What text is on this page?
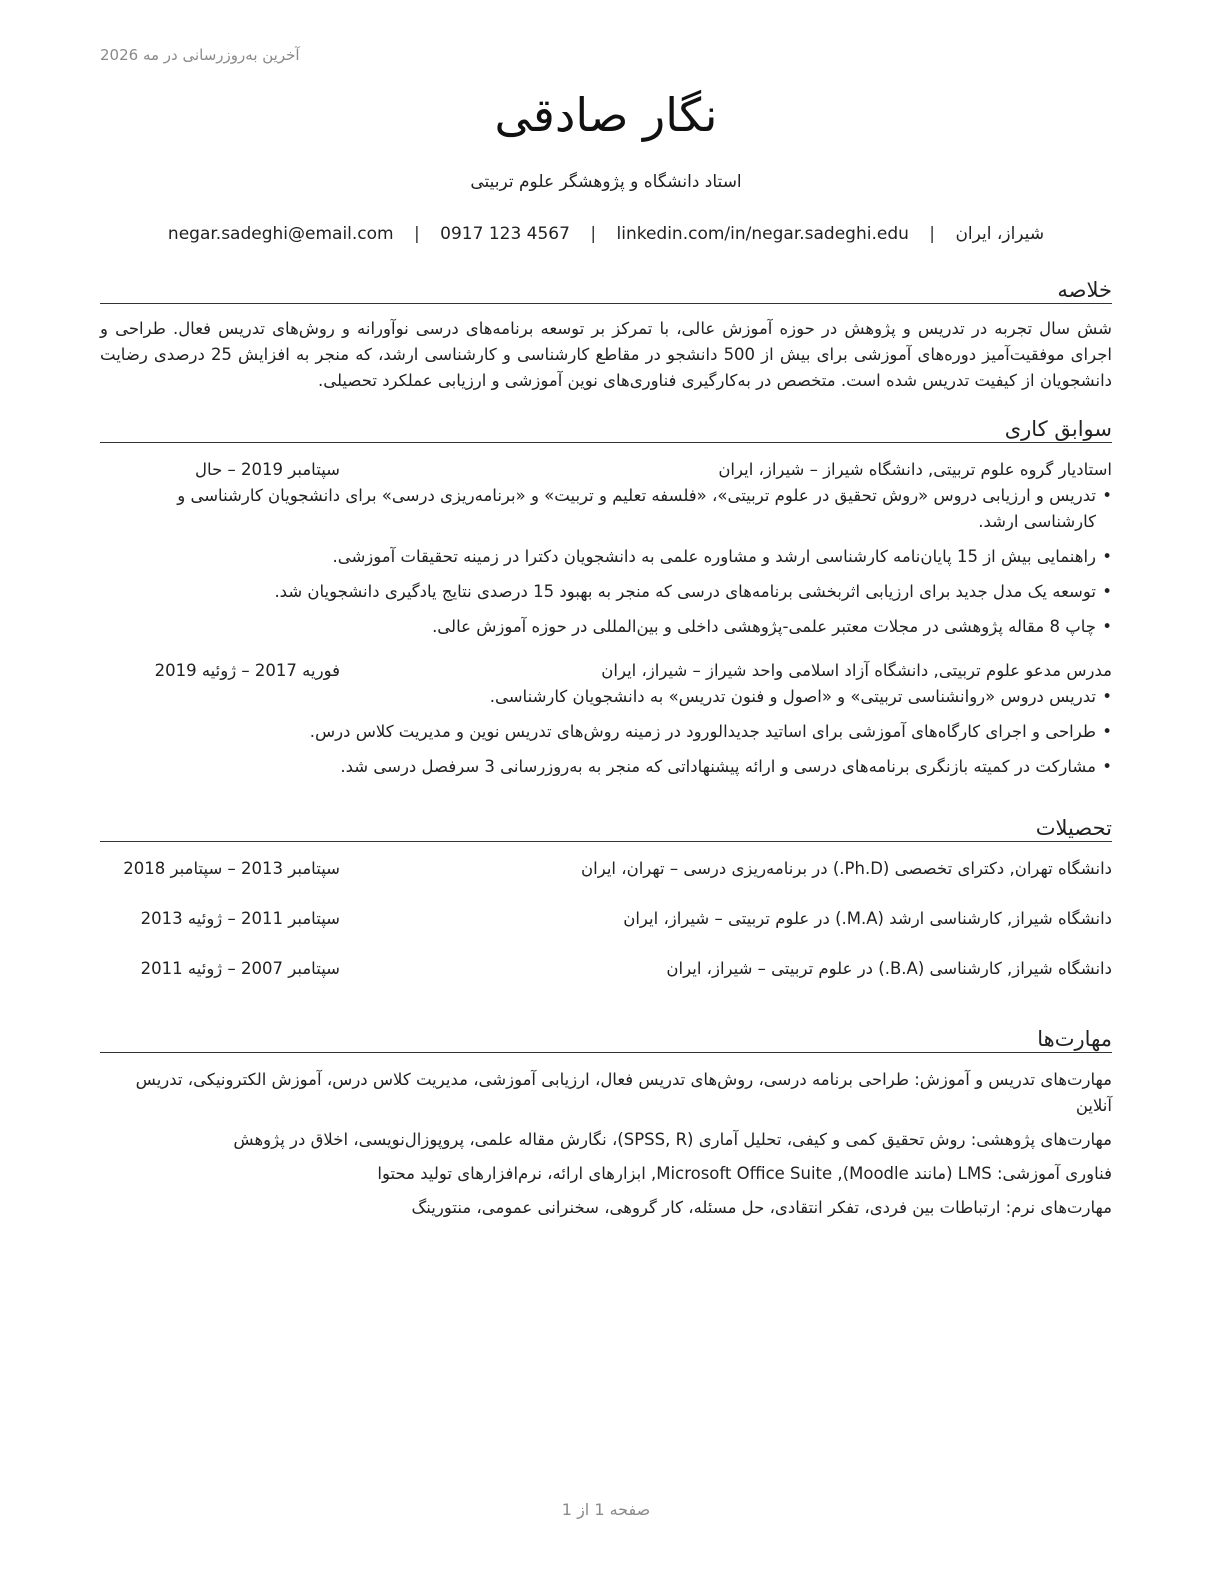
آخرین به‌روزرسانی در مه 2026
نگار صادقی
استاد دانشگاه و پژوهشگر علوم تربیتی
شیراز، ایران | negar.sadeghi@email.com | 0917 123 4567 | linkedin.com/in/negar.sadeghi.edu
خلاصه
شش سال تجربه در تدریس و پژوهش در حوزه آموزش عالی، با تمرکز بر توسعه برنامه‌های درسی نوآورانه و روش‌های تدریس فعال. طراحی و اجرای موفقیت‌آمیز دوره‌های آموزشی برای بیش از 500 دانشجو در مقاطع کارشناسی و کارشناسی ارشد، که منجر به افزایش 25 درصدی رضایت دانشجویان از کیفیت تدریس شده است. متخصص در به‌کارگیری فناوری‌های نوین آموزشی و ارزیابی عملکرد تحصیلی.
سوابق کاری
استادیار گروه علوم تربیتی, دانشگاه شیراز – شیراز، ایران
سپتامبر 2019 – حال
• تدریس و ارزیابی دروس «روش تحقیق در علوم تربیتی»، «فلسفه تعلیم و تربیت» و «برنامه‌ریزی درسی» برای دانشجویان کارشناسی و کارشناسی ارشد.
• راهنمایی بیش از 15 پایان‌نامه کارشناسی ارشد و مشاوره علمی به دانشجویان دکترا در زمینه تحقیقات آموزشی.
• توسعه یک مدل جدید برای ارزیابی اثربخشی برنامه‌های درسی که منجر به بهبود 15 درصدی نتایج یادگیری دانشجویان شد.
• چاپ 8 مقاله پژوهشی در مجلات معتبر علمی-پژوهشی داخلی و بین‌المللی در حوزه آموزش عالی.
مدرس مدعو علوم تربیتی, دانشگاه آزاد اسلامی واحد شیراز – شیراز، ایران
فوریه 2017 – ژوئیه 2019
• تدریس دروس «روانشناسی تربیتی» و «اصول و فنون تدریس» به دانشجویان کارشناسی.
• طراحی و اجرای کارگاه‌های آموزشی برای اساتید جدیدالورود در زمینه روش‌های تدریس نوین و مدیریت کلاس درس.
• مشارکت در کمیته بازنگری برنامه‌های درسی و ارائه پیشنهاداتی که منجر به به‌روزرسانی 3 سرفصل درسی شد.
تحصیلات
دانشگاه تهران, دکترای تخصصی (Ph.D.) در برنامه‌ریزی درسی – تهران، ایران
سپتامبر 2013 – سپتامبر 2018
دانشگاه شیراز, کارشناسی ارشد (M.A.) در علوم تربیتی – شیراز، ایران
سپتامبر 2011 – ژوئیه 2013
دانشگاه شیراز, کارشناسی (B.A.) در علوم تربیتی – شیراز، ایران
سپتامبر 2007 – ژوئیه 2011
مهارت‌ها
مهارت‌های تدریس و آموزش: طراحی برنامه درسی، روش‌های تدریس فعال، ارزیابی آموزشی، مدیریت کلاس درس، آموزش الکترونیکی، تدریس آنلاین
مهارت‌های پژوهشی: روش تحقیق کمی و کیفی، تحلیل آماری (SPSS, R)، نگارش مقاله علمی، پروپوزال‌نویسی، اخلاق در پژوهش
فناوری آموزشی: LMS (مانند Moodle), Microsoft Office Suite, ابزارهای ارائه، نرم‌افزارهای تولید محتوا
مهارت‌های نرم: ارتباطات بین فردی، تفکر انتقادی، حل مسئله، کار گروهی، سخنرانی عمومی، منتورینگ
صفحه 1 از 1
